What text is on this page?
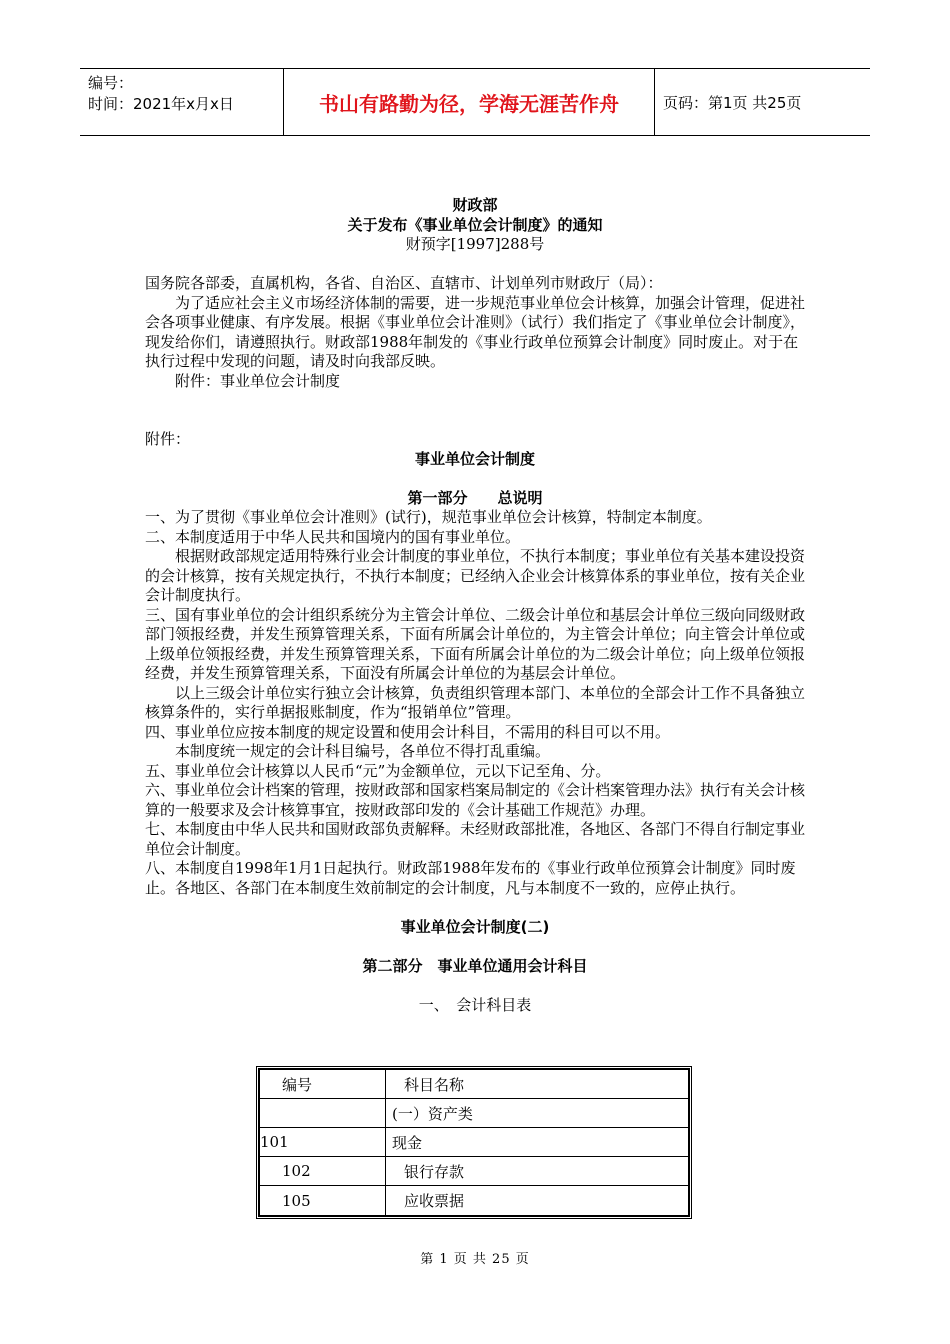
编号：
时间：2021年x月x日	书山有路勤为径，学海无涯苦作舟	页码：第1页 共25页

财政部

关于发布《事业单位会计制度》的通知

财预字[1997]288号

国务院各部委，直属机构，各省、自治区、直辖市、计划单列市财政厅（局）：

为了适应社会主义市场经济体制的需要，进一步规范事业单位会计核算，加强会计管理，促进社会各项事业健康、有序发展。根据《事业单位会计准则》（试行）我们指定了《事业单位会计制度》，现发给你们，请遵照执行。财政部1988年制发的《事业行政单位预算会计制度》同时废止。对于在执行过程中发现的问题，请及时向我部反映。

附件：事业单位会计制度

附件：

事业单位会计制度

第一部分　　总说明

一、为了贯彻《事业单位会计准则》(试行)，规范事业单位会计核算，特制定本制度。

二、本制度适用于中华人民共和国境内的国有事业单位。

根据财政部规定适用特殊行业会计制度的事业单位，不执行本制度；事业单位有关基本建设投资的会计核算，按有关规定执行，不执行本制度；已经纳入企业会计核算体系的事业单位，按有关企业会计制度执行。

三、国有事业单位的会计组织系统分为主管会计单位、二级会计单位和基层会计单位三级向同级财政部门领报经费，并发生预算管理关系，下面有所属会计单位的，为主管会计单位；向主管会计单位或上级单位领报经费，并发生预算管理关系，下面有所属会计单位的为二级会计单位；向上级单位领报经费，并发生预算管理关系，下面没有所属会计单位的为基层会计单位。

以上三级会计单位实行独立会计核算，负责组织管理本部门、本单位的全部会计工作不具备独立核算条件的，实行单据报账制度，作为“报销单位”管理。

四、事业单位应按本制度的规定设置和使用会计科目，不需用的科目可以不用。

本制度统一规定的会计科目编号，各单位不得打乱重编。

五、事业单位会计核算以人民币“元”为金额单位，元以下记至角、分。

六、事业单位会计档案的管理，按财政部和国家档案局制定的《会计档案管理办法》执行有关会计核算的一般要求及会计核算事宜，按财政部印发的《会计基础工作规范》办理。

七、本制度由中华人民共和国财政部负责解释。未经财政部批准，各地区、各部门不得自行制定事业单位会计制度。

八、本制度自1998年1月1日起执行。财政部1988年发布的《事业行政单位预算会计制度》同时废止。各地区、各部门在本制度生效前制定的会计制度，凡与本制度不一致的，应停止执行。

事业单位会计制度(二)

第二部分　事业单位通用会计科目

一、　会计科目表

编号	科目名称
	(一）资产类
101	现金
102	银行存款
105	应收票据
第 1 页 共 25 页
